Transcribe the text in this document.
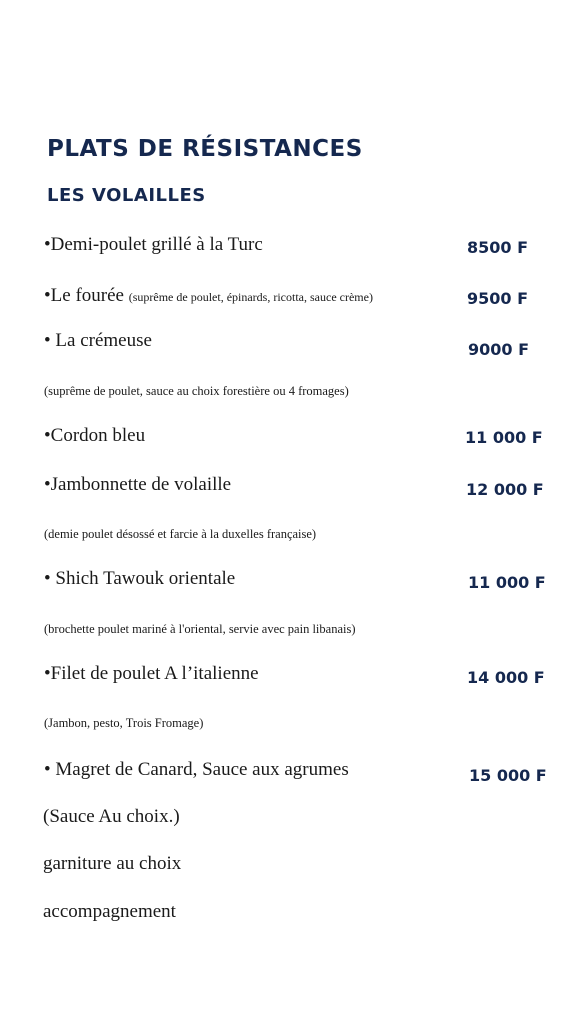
PLATS DE RÉSISTANCES
LES VOLAILLES
•Demi-poulet grillé à la Turc	8500 F
•Le fourée (suprême de poulet, épinards, ricotta, sauce crème)	9500 F
• La crémeuse	9000 F
(suprême de poulet, sauce au choix forestière ou 4 fromages)
•Cordon bleu	11 000 F
•Jambonnette de volaille	12 000 F
(demie poulet désossé et farcie à la duxelles française)
• Shich Tawouk orientale	11 000 F
(brochette poulet mariné à l'oriental, servie avec pain libanais)
•Filet de poulet A l’italienne	14 000 F
(Jambon, pesto, Trois Fromage)
• Magret de Canard, Sauce aux agrumes	15 000 F
(Sauce Au choix.)
garniture au choix
accompagnement
